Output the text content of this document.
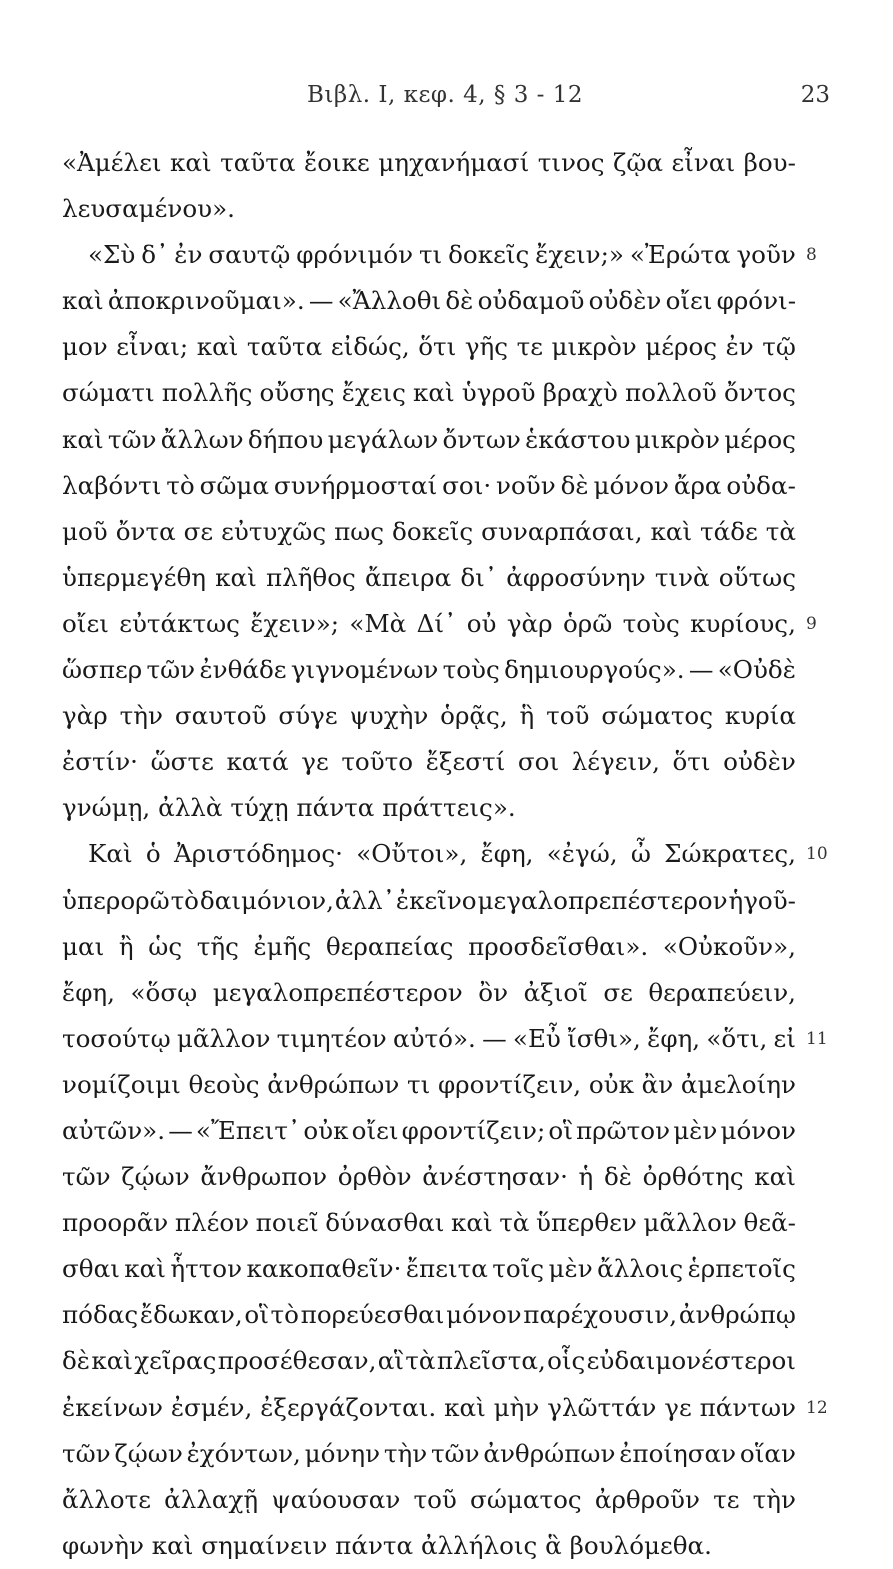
Βιβλ. I, κεφ. 4, § 3 - 12	23
«Ἀμέλει καὶ ταῦτα ἔοικε μηχανήμασί τινος ζῷα εἶναι βου-
λευσαμένου».
«Σὺ δ᾽ ἐν σαυτῷ φρόνιμόν τι δοκεῖς ἔχειν;» «Ἐρώτα γοῦν 8
καὶ ἀποκρινοῦμαι». — «Ἄλλοθι δὲ οὐδαμοῦ οὐδὲν οἴει φρόνι-
μον εἶναι; καὶ ταῦτα εἰδώς, ὅτι γῆς τε μικρὸν μέρος ἐν τῷ
σώματι πολλῆς οὔσης ἔχεις καὶ ὑγροῦ βραχὺ πολλοῦ ὄντος
καὶ τῶν ἄλλων δήπου μεγάλων ὄντων ἑκάστου μικρὸν μέρος
λαβόντι τὸ σῶμα συνήρμοσταί σοι· νοῦν δὲ μόνον ἄρα οὐδα-
μοῦ ὄντα σε εὐτυχῶς πως δοκεῖς συναρπάσαι, καὶ τάδε τὰ
ὑπερμεγέθη καὶ πλῆθος ἄπειρα δι᾽ ἀφροσύνην τινὰ οὕτως
οἴει εὐτάκτως ἔχειν»; «Μὰ Δί᾽ οὐ γὰρ ὁρῶ τοὺς κυρίους, 9
ὥσπερ τῶν ἐνθάδε γιγνομένων τοὺς δημιουργούς». — «Οὐδὲ
γὰρ τὴν σαυτοῦ σύγε ψυχὴν ὁρᾷς, ἣ τοῦ σώματος κυρία
ἐστίν· ὥστε κατά γε τοῦτο ἔξεστί σοι λέγειν, ὅτι οὐδὲν
γνώμῃ, ἀλλὰ τύχῃ πάντα πράττεις».
Καὶ ὁ Ἀριστόδημος· «Οὔτοι», ἔφη, «ἐγώ, ὦ Σώκρατες, 10
ὑπερορῶ τὸ δαιμόνιον, ἀλλ᾽ ἐκεῖνο μεγαλοπρεπέστερον ἡγοῦ-
μαι ἢ ὡς τῆς ἐμῆς θεραπείας προσδεῖσθαι». «Οὐκοῦν»,
ἔφη, «ὅσῳ μεγαλοπρεπέστερον ὂν ἀξιοῖ σε θεραπεύειν,
τοσούτῳ μᾶλλον τιμητέον αὐτό». — «Εὖ ἴσθι», ἔφη, «ὅτι, εἰ 11
νομίζοιμι θεοὺς ἀνθρώπων τι φροντίζειν, οὐκ ἂν ἀμελοίην
αὐτῶν». — «Ἔπειτ᾽ οὐκ οἴει φροντίζειν; οἳ πρῶτον μὲν μόνον
τῶν ζῴων ἄνθρωπον ὀρθὸν ἀνέστησαν· ἡ δὲ ὀρθότης καὶ
προορᾶν πλέον ποιεῖ δύνασθαι καὶ τὰ ὕπερθεν μᾶλλον θεᾶ-
σθαι καὶ ἧττον κακοπαθεῖν· ἔπειτα τοῖς μὲν ἄλλοις ἑρπετοῖς
πόδας ἔδωκαν, οἳ τὸ πορεύεσθαι μόνον παρέχουσιν, ἀνθρώπῳ
δὲ καὶ χεῖρας προσέθεσαν, αἳ τὰ πλεῖστα, οἷς εὐδαιμονέστεροι
ἐκείνων ἐσμέν, ἐξεργάζονται. καὶ μὴν γλῶττάν γε πάντων 12
τῶν ζῴων ἐχόντων, μόνην τὴν τῶν ἀνθρώπων ἐποίησαν οἵαν
ἄλλοτε ἀλλαχῇ ψαύουσαν τοῦ σώματος ἀρθροῦν τε τὴν
φωνὴν καὶ σημαίνειν πάντα ἀλλήλοις ἃ βουλόμεθα.
